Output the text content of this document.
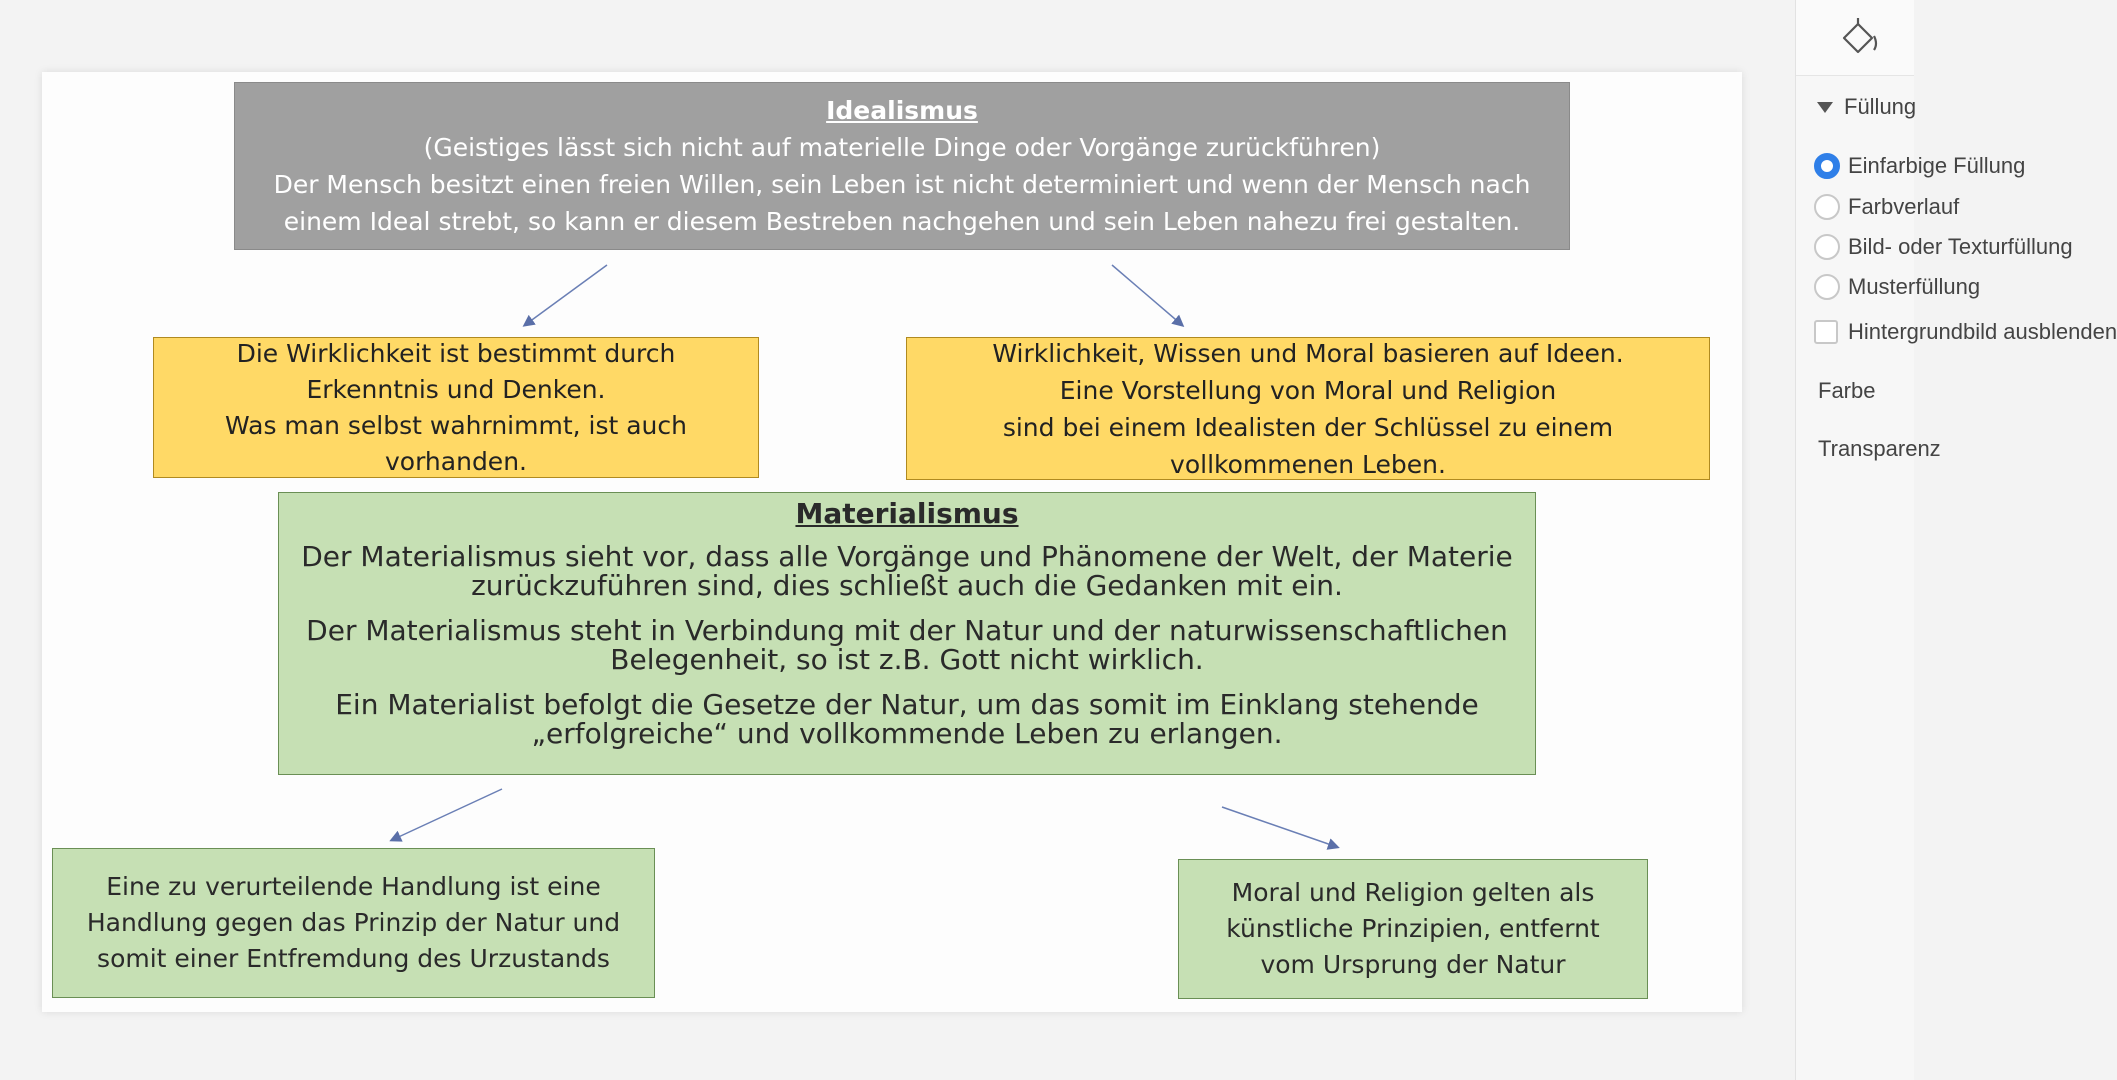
Idealismus

(Geistiges lässt sich nicht auf materielle Dinge oder Vorgänge zurückführen)

Der Mensch besitzt einen freien Willen, sein Leben ist nicht determiniert und wenn der Mensch nach

einem Ideal strebt, so kann er diesem Bestreben nachgehen und sein Leben nahezu frei gestalten.

Die Wirklichkeit ist bestimmt durch

Erkenntnis und Denken.

Was man selbst wahrnimmt, ist auch

vorhanden.

Wirklichkeit, Wissen und Moral basieren auf Ideen.

Eine Vorstellung von Moral und Religion

sind bei einem Idealisten der Schlüssel zu einem

vollkommenen Leben.

Materialismus

Der Materialismus sieht vor, dass alle Vorgänge und Phänomene der Welt, der Materie

zurückzuführen sind, dies schließt auch die Gedanken mit ein.

Der Materialismus steht in Verbindung mit der Natur und der naturwissenschaftlichen

Belegenheit, so ist z.B. Gott nicht wirklich.

Ein Materialist befolgt die Gesetze der Natur, um das somit im Einklang stehende

„erfolgreiche“ und vollkommende Leben zu erlangen.

Eine zu verurteilende Handlung ist eine

Handlung gegen das Prinzip der Natur und

somit einer Entfremdung des Urzustands

Moral und Religion gelten als

künstliche Prinzipien, entfernt

vom Ursprung der Natur

Füllung
Einfarbige Füllung
Farbverlauf
Bild- oder Texturfüllung
Musterfüllung
Hintergrundbild ausblenden
Farbe
Transparenz
